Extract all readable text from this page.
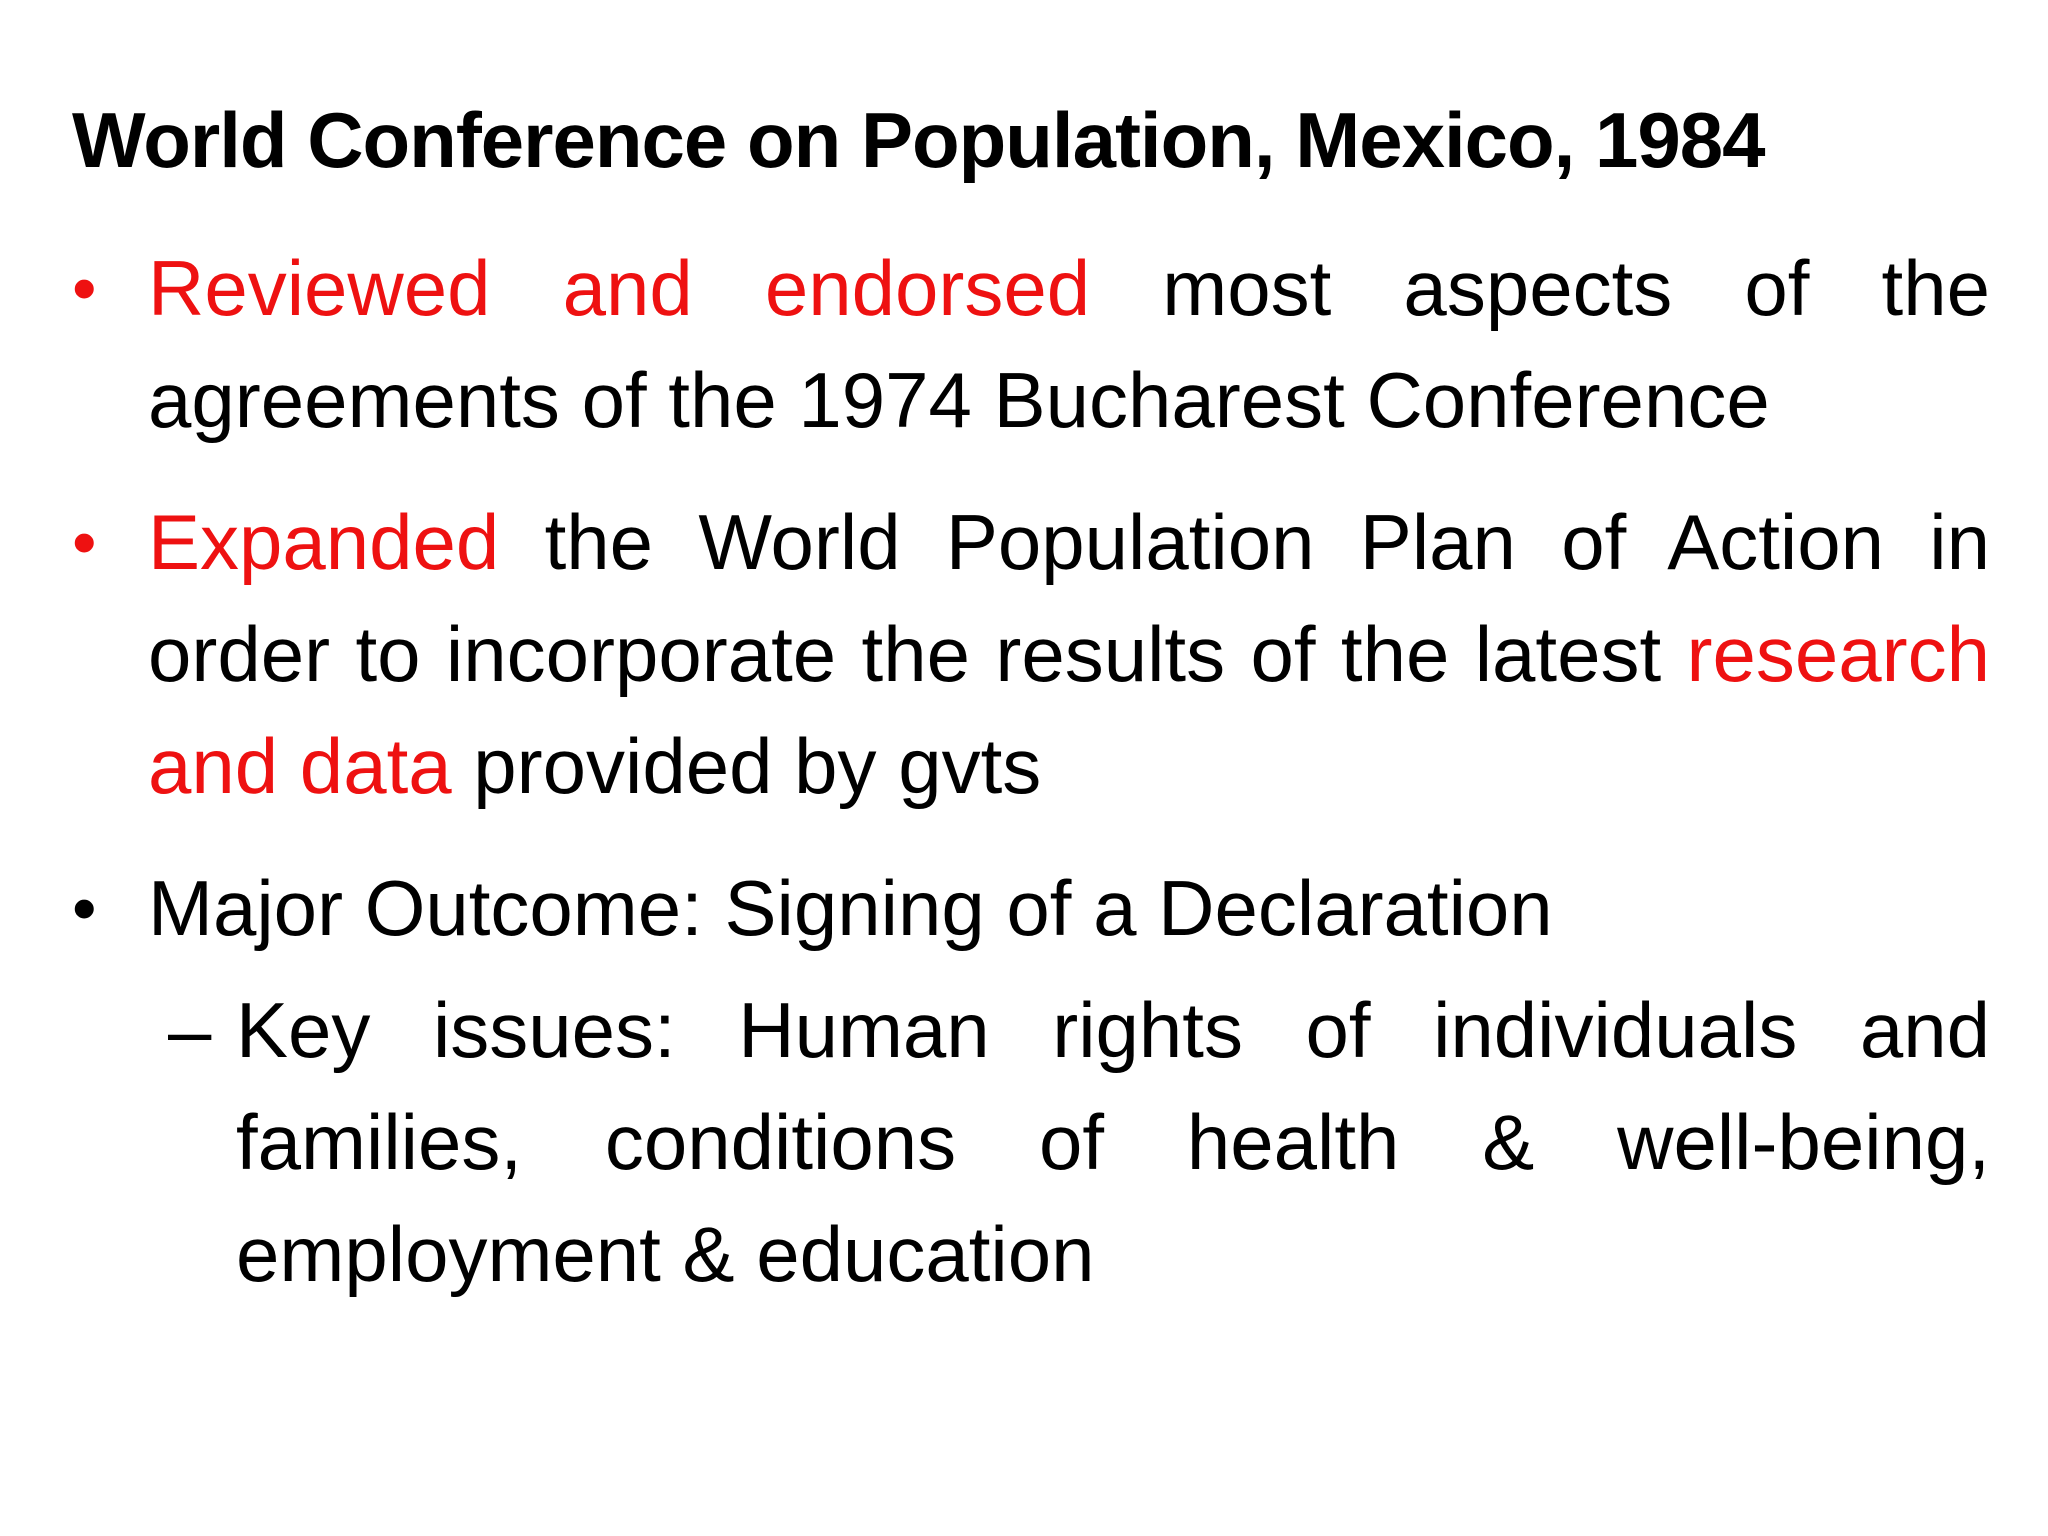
World Conference on Population, Mexico, 1984
• Reviewed and endorsed most aspects of the agreements of the 1974 Bucharest Conference
• Expanded the World Population Plan of Action in order to incorporate the results of the latest research and data provided by gvts
• Major Outcome: Signing of a Declaration
– Key issues: Human rights of individuals and families, conditions of health & well-being, employment & education
